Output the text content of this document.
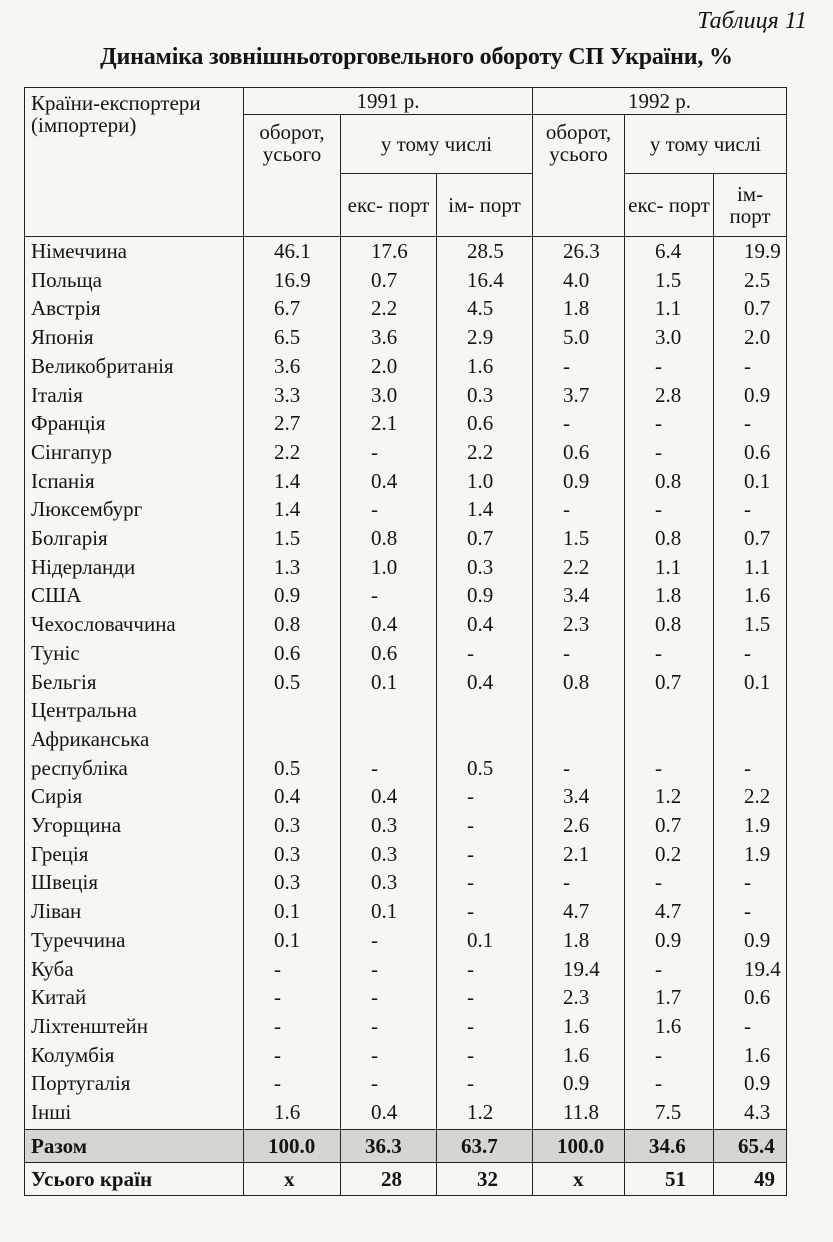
Таблиця 11
Динаміка зовнішньоторговельного обороту СП України, %
Країни-експортери (імпортери)	1991 р.			1992 р.		
	оборот, усього	у тому числі		оборот, усього	у тому числі	
		екс- порт	ім- порт		екс- порт	ім- порт
Німеччина	46.1	17.6	28.5	26.3	6.4	19.9
Польща	16.9	0.7	16.4	4.0	1.5	2.5
Австрія	6.7	2.2	4.5	1.8	1.1	0.7
Японія	6.5	3.6	2.9	5.0	3.0	2.0
Великобританія	3.6	2.0	1.6	-	-	-
Італія	3.3	3.0	0.3	3.7	2.8	0.9
Франція	2.7	2.1	0.6	-	-	-
Сінгапур	2.2	-	2.2	0.6	-	0.6
Іспанія	1.4	0.4	1.0	0.9	0.8	0.1
Люксембург	1.4	-	1.4	-	-	-
Болгарія	1.5	0.8	0.7	1.5	0.8	0.7
Нідерланди	1.3	1.0	0.3	2.2	1.1	1.1
США	0.9	-	0.9	3.4	1.8	1.6
Чехословаччина	0.8	0.4	0.4	2.3	0.8	1.5
Туніс	0.6	0.6	-	-	-	-
Бельгія	0.5	0.1	0.4	0.8	0.7	0.1
Центральна Африканська республіка	0.5	-	0.5	-	-	-
Сирія	0.4	0.4	-	3.4	1.2	2.2
Угорщина	0.3	0.3	-	2.6	0.7	1.9
Греція	0.3	0.3	-	2.1	0.2	1.9
Швеція	0.3	0.3	-	-	-	-
Ліван	0.1	0.1	-	4.7	4.7	-
Туреччина	0.1	-	0.1	1.8	0.9	0.9
Куба	-	-	-	19.4	-	19.4
Китай	-	-	-	2.3	1.7	0.6
Ліхтенштейн	-	-	-	1.6	1.6	-
Колумбія	-	-	-	1.6	-	1.6
Португалія	-	-	-	0.9	-	0.9
Інші	1.6	0.4	1.2	11.8	7.5	4.3
Разом	100.0	36.3	63.7	100.0	34.6	65.4
Усього країн	x	28	32	x	51	49
